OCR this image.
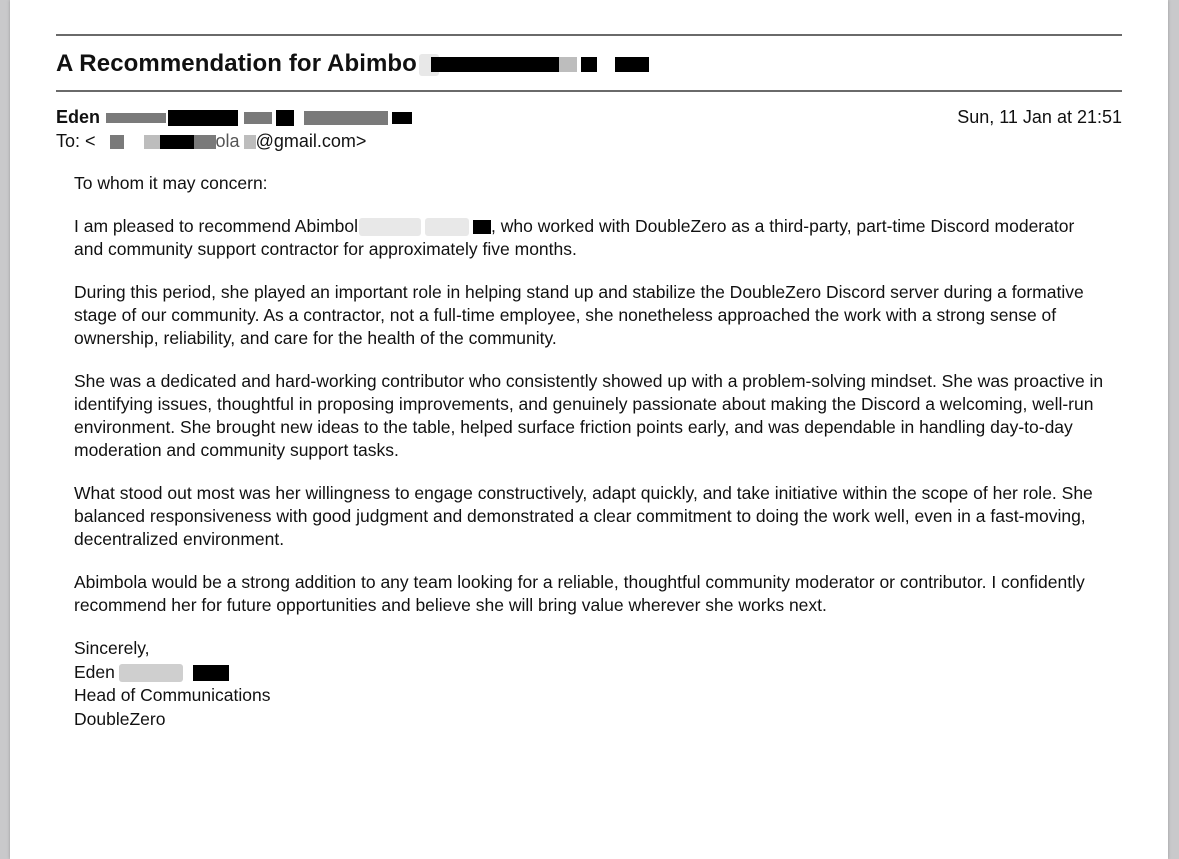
A Recommendation for Abimbo
Eden
To: <	ola @gmail.com>
Sun, 11 Jan at 21:51

To whom it may concern:

I am pleased to recommend Abimbol	, who worked with DoubleZero as a third-party, part-time Discord moderator and community support contractor for approximately five months.

During this period, she played an important role in helping stand up and stabilize the DoubleZero Discord server during a formative stage of our community. As a contractor, not a full-time employee, she nonetheless approached the work with a strong sense of ownership, reliability, and care for the health of the community.

She was a dedicated and hard-working contributor who consistently showed up with a problem-solving mindset. She was proactive in identifying issues, thoughtful in proposing improvements, and genuinely passionate about making the Discord a welcoming, well-run environment. She brought new ideas to the table, helped surface friction points early, and was dependable in handling day-to-day moderation and community support tasks.

What stood out most was her willingness to engage constructively, adapt quickly, and take initiative within the scope of her role. She balanced responsiveness with good judgment and demonstrated a clear commitment to doing the work well, even in a fast-moving, decentralized environment.

Abimbola would be a strong addition to any team looking for a reliable, thoughtful community moderator or contributor. I confidently recommend her for future opportunities and believe she will bring value wherever she works next.

Sincerely,
Eden
Head of Communications
DoubleZero
